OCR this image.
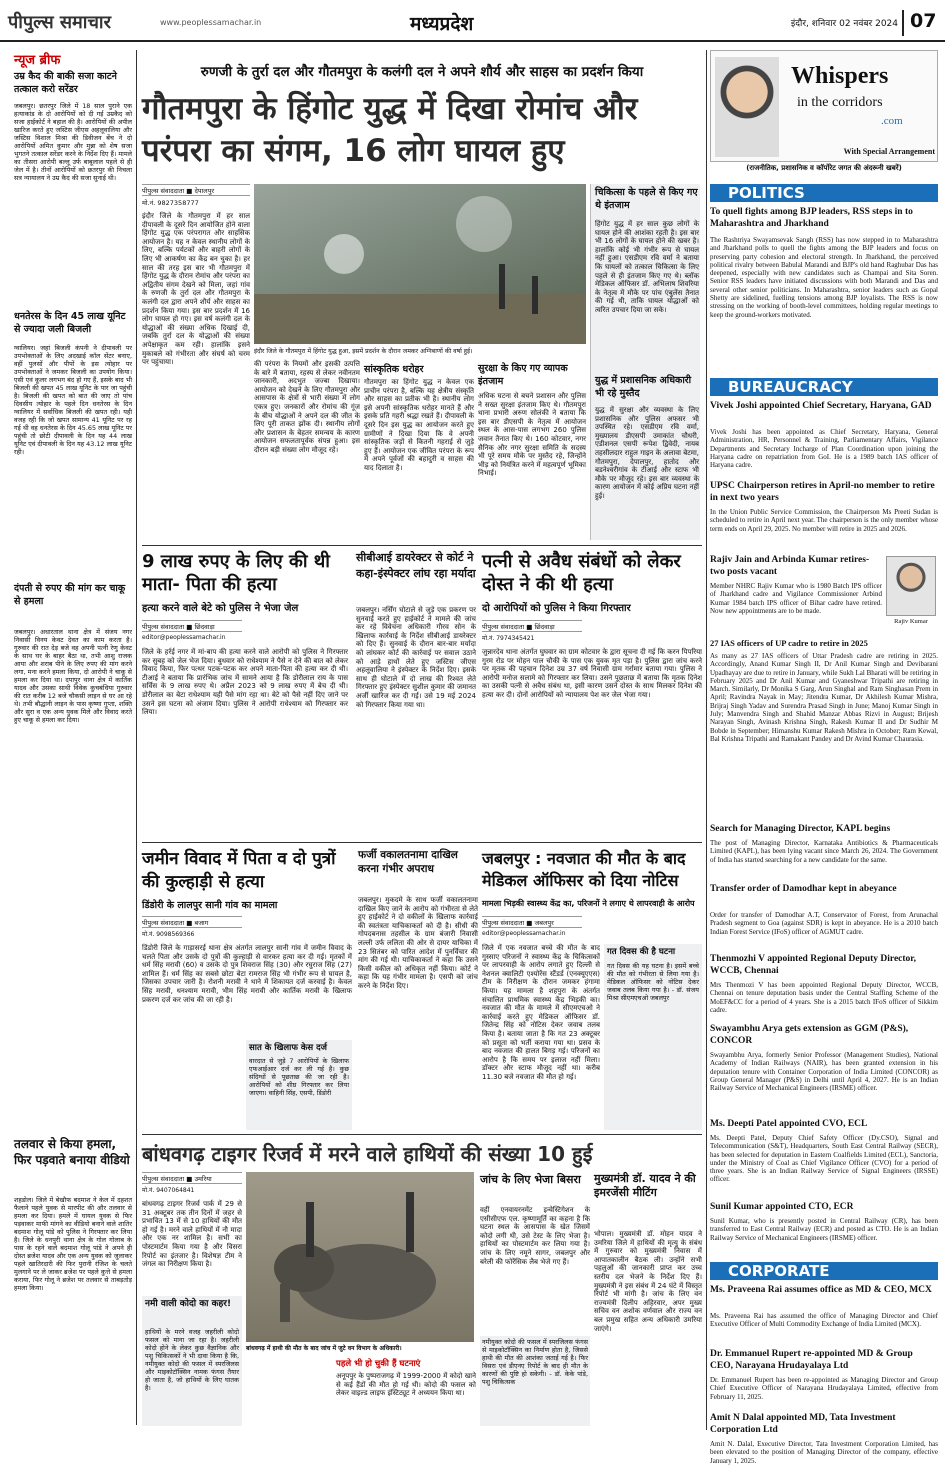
पीपुल्स समाचार	www.peoplessamachar.in	मध्यप्रदेश	इंदौर, शनिवार 02 नवंबर 2024 07
न्यूज ब्रीफ
उम्र कैद की बाकी सजा काटने तत्काल करो सरेंडर
जबलपुर। छतरपुर जिले में 18 साल पुराने एक हत्याकांड के दो आरोपियों को दी गई उम्रकैद को सजा हाईकोर्ट ने बहाल की है। आरोपियों की अपील खारिज करते हुए जस्टिस जीएस अहलूवालिया और जस्टिस विशाल मिश्रा की डिवीजन बेंच ने दो आरोपियों अमित कुमार और मुन्ना को शेष सजा भुगतने तत्काल सरेंडर करने के निर्देश दिए हैं। मामले का तीसरा आरोपी बल्लू उर्फ बाबूलाल पहले से ही जेल में है। तीनों आरोपियों को छतरपुर की निचला सत्र न्यायालय ने उम्र कैद की सजा सुनाई थी।
धनतेरस के दिन 45 लाख यूनिट से ज्यादा जली बिजली
ग्वालियर। जहां बिजली कंपनी ने दीपावली पर उपभोक्ताओं के लिए अदखाई कॉल सेंटर बनाए, वहीं पुलसों और पीपों के इस त्योहार पर उपभोक्ताओं ने जमकर बिजली का उपयोग किया। एसी एवं कूलर लगभग बंद हो गए हैं, इसके बाद भी बिजली की खपत 45 लाख यूनिट के पार जा पहुंची है। बिजली की खपत को बात की जाए तो पांच दिवसीय त्योहार के पहले दिन धनतेरस के दिन ग्वालियर में सर्वाधिक बिजली की खपत रही। यही वजह रही कि जो खपत सामान्य 41 यूनिट पर रह गई थी वह धनतेरस के दिन 45.65 लाख यूनिट पर पहुंची तो छोटी दीपावली के दिन यह 44 लाख यूनिट एवं दीपावली के दिन यह 43.12 लाख यूनिट रही।
दंपती से रुपए की मांग कर चाकू से हमला
जबलपुर। अधारताल थाना क्षेत्र में संजय नगर निवासी विनय केवट देवत का काम करता है। गुरुवार की रात देड़ बजे वह अपनी पत्नी रेणु केवट के साथ घर के बाहर बैठा था, तभी आशु राजक आया और शराब पीने के लिए रुपए की मांग करने लगा, मना करने हमला किया, दो आरोपी ने चाकू से हमला कर दिया था। दपापुर थाना क्षेत्र में कार्तिक यादव और उसका साथी विवेक कुचबंधिया गुरुवार की रात करीब 12 बजे चौकसी लाइन से घर आ रहे थे। तभी बौद्धानी लाइन के पास कृष्णा गुप्ता, शक्ति और सुरा व एक अन्य युवक मिले और विवाद करते हुए चाकू से हमला कर दिया।
तलवार से किया हमला, फिर पड़वाते बनाया वीडियो
शहडोल। जिले में बेखौफ बदमाश ने केल में दहशत फैलाने पहले युवक से मारपीट की और तलवार से हमला कर दिया। हमले में घायल युवक से फिर पड़वाकर माफी मांगने का वीडियो बनाने वाले शातिर बदमाश गोलू पांडे को पुलिस ने गिरफ्तार कर लिया है। जिले के धनपुरी थाना क्षेत्र के गोल गोलाब के पास के रहने वाले बदमाश गोलू पांडे ने अपने ही दोस्त ब्रजेश यादव और एक अन्य युवक को जुलाकर पहले खातिरदारी की फिर पुरानी रंजिश के चलते मुलगाने पर ले जाकर ब्रजेश पर पहले कुत्ते से हमला कराया, फिर गोलू ने ब्रजेश पर तलवार से ताबड़तोड़ हमला किया।
रुणजी के तुर्रा दल और गौतमपुरा के कलंगी दल ने अपने शौर्य और साहस का प्रदर्शन किया
गौतमपुरा के हिंगोट युद्ध में दिखा रोमांच और परंपरा का संगम, 16 लोग घायल हुए
पीपुल्स संवाददाता ■ देपालपुर
मो.नं. 9827358777
इंदौर जिले के गौतमपुरा में हिंगोट युद्ध हुआ, इसमें प्रदर्शन के दौरान जमकर अग्निबाणों की वर्षा हुई।
इंदौर जिले के गौतमपुरा में हर साल दीपावली के दूसरे दिन आयोजित होने वाला हिंगोट युद्ध एक परंपरागत और साहसिक आयोजन है। यह न केवल स्थानीय लोगों के लिए, बल्कि पर्यटकों और बाहरी लोगों के लिए भी आकर्षण का केंद्र बन चुका है। हर साल की तरह इस बार भी गौतमपुरा में हिंगोट युद्ध के दौरान रोमांच और परंपरा का अद्वितीय संगम देखने को मिला, जहां गांव के रुणजी के तुर्रा दल और गौतमपुरा के कलंगी दल द्वारा अपने शौर्य और साहस का प्रदर्शन किया गया। इस बार प्रदर्शन में 16 लोग घायल हो गए। इस वर्ष कलंगी दल के योद्धाओं की संख्या अधिक दिखाई दी, जबकि तुर्रा दल के योद्धाओं की संख्या अपेक्षाकृत कम रही। हालांकि इसने मुकाबले को गंभीरता और संघर्ष को चरम पर पहुंचाया।	की परंपरा के नियमों और इसकी उत्पत्ति के बारे में बताया, रहस्य से लेकर नवीनतम जानकारी, अदभुत जज्बा दिखाया। आयोजन को देखने के लिए गौतमपुरा और आसपास के क्षेत्रों से भारी संख्या में लोग एकत्र हुए। जनकारों और रोमांच की गूंज के बीच योद्धाओं ने अपने दल की जीत के लिए पूरी ताकत झोंक दी। स्थानीय लोगों और प्रशासन के बेहतर समन्वय के कारण आयोजन सफलतापूर्वक संपन्न हुआ। इस दौरान बड़ी संख्या लोग मौजूद रहे।
सांस्कृतिक धरोहर
गौतमपुरा का हिंगोट युद्ध न केवल एक प्राचीन परंपरा है, बल्कि यह क्षेत्रीय संस्कृति और साहस का प्रतीक भी है। स्थानीय लोग इसे अपनी सांस्कृतिक धरोहर मानते हैं और इसके प्रति गहरी श्रद्धा रखते हैं। दीपावली के दूसरे दिन इस युद्ध का आयोजन करते हुए ग्रामीणों ने दिखा दिया कि वे अपनी सांस्कृतिक जड़ों से कितनी गहराई से जुड़े हुए हैं। आयोजन एक जीवित परंपरा के रूप में अपने पूर्वजों की बहादुरी व साहस की याद दिलाता है।
सुरक्षा के किए गए व्यापक इंतजाम
अधिक घटना से बचने प्रशासन और पुलिस ने सख्त सुरक्षा इंतजाम किए थे। गौतमपुरा थाना प्रभारी अरुण सोलंकी ने बताया कि इस बार डीएसपी के नेतृत्व में आयोजन स्थल के आस-पास लगभग 260 पुलिस जवान तैनात किए थे। 160 कोटवार, नगर सैनिक और नगर सुरक्षा समिति के सदस्य भी पूरे समय मौके पर मुस्तैद रहे, जिन्होंने भीड़ को नियंत्रित करने में महत्वपूर्ण भूमिका निभाई।
चिकित्सा के पहले से किए गए थे इंतजाम
हिंगोट युद्ध में हर साल कुछ लोगों के घायल होने की आशंका रहती है। इस बार भी 16 लोगों के घायल होने की खबर है। हालांकि कोई भी गंभीर रूप से घायल नहीं हुआ। एसडीएम रवि वर्मा ने बताया कि घायलों को तत्काल चिकित्सा के लिए पहले से ही इंतजाम किए गए थे। ब्लॉक मेडिकल ऑफिसर डॉ. अभिलाष शिवरिया के नेतृत्व में मौके पर पांच एंबुलेंस तैनात की गई थी, ताकि घायल योद्धाओं को त्वरित उपचार दिया जा सके।
युद्ध में प्रशासनिक अधिकारी भी रहे मुस्तैद
युद्ध में सुरक्षा और व्यवस्था के लिए प्रशासनिक और पुलिस अफसर भी उपस्थित रहे। एसडीएम रवि वर्मा, मुख्यालय डीएसपी उमाकांत चौधरी, एडीशनल एसपी रूपेश द्विवेदी, नायब तहसीलदार राहुल गाइन के अलावा बेटमा, गौतमपुरा, देपालपुर, हातोद और बडनेश्वरीगांव के टीआई और स्टाफ भी मौके पर मौजूद रहे। इस बार व्यवस्था के कारण आयोजन में कोई अप्रिय घटना नहीं हुई।
9 लाख रुपए के लिए की थी माता- पिता की हत्या
हत्या करने वाले बेटे को पुलिस ने भेजा जेल
पीपुल्स संवाददाता ■ छिंदवाड़ा
editor@peoplessamachar.in
जिले के हर्रई नगर में मां-बाप की हत्या करने वाले आरोपी को पुलिस ने गिरफ्तार कर सुबह को जेल भेज दिया। बुधवार को राधेश्याम ने पैसे न देने की बात को लेकर विवाद किया, फिर पत्थर पटक-पटक कर अपने माता-पिता की हत्या कर दी थी। टीआई ने बताया कि प्रारंभिक जांच में सामने आया है कि डोरीलाल राय के पास सर्विस के 9 लाख रुपए थे। अप्रैल 2023 को 9 लाख रुपए में बेच दी थी। डोरीलाल का बेटा राधेश्याम यही पैसे मांग रहा था। बेटे को पैसे नहीं दिए जाने पर उसने इस घटना को अंजाम दिया। पुलिस ने आरोपी राधेश्याम को गिरफ्तार कर लिया।
सीबीआई डायरेक्टर से कोर्ट ने कहा-इंस्पेक्टर लांघ रहा मर्यादा
जबलपुर। नर्सिंग घोटाले से जुड़े एक प्रकरण पर सुनवाई करते हुए हाईकोर्ट ने मामले की जांच कर रहे विवेचना अधिकारी गौरव सोन के खिलाफ कार्रवाई के निर्देश सीबीआई डायरेक्टर को दिए हैं। सुनवाई के दौरान बार-बार मर्यादा को लांघकर कोर्ट की कार्रवाई पर सवाल उठाने को आड़े हाथों लेते हुए जस्टिस जीएस अहलूवालिया ने इंस्पेक्टर के निर्देश दिए। इसके साथ ही घोटाले में दो लाख की रिश्वत लेते गिरफ्तार हुए इंस्पेक्टर सुशील कुमार की जमानत अर्जी खारिज कर दी गई। उसे 19 मई 2024 को गिरफ्तार किया गया था।
पत्नी से अवैध संबंधों को लेकर दोस्त ने की थी हत्या
दो आरोपियों को पुलिस ने किया गिरफ्तार
पीपुल्स संवाददाता ■ छिंदवाड़ा
मो.नं. 7974345421
जुन्नारदेव थाना अंतर्गत घुघवार का ग्राम कोटवार के द्वारा सूचना दी गई कि करन पिपरिया गुरम रोड पर मोहन पाल चौकी के पास एक युवक मृत पड़ा है। पुलिस द्वारा जांच करने पर मृतक की पहचान दिनेश उम्र 37 वर्ष निवासी ग्राम गर्रामार बताया गया। पुलिस ने आरोपी मनोज सलामे को गिरफ्तार कर लिया। उसने पूछताछ में बताया कि मृतक दिनेश का उसकी पत्नी से अवैध संबंध था, इसी कारण उसने दोस्त के साथ मिलकर दिनेश की हत्या कर दी। दोनों आरोपियों को न्यायालय पेश कर जेल भेजा गया।
जमीन विवाद में पिता व दो पुत्रों की कुल्हाड़ी से हत्या
डिंडोरी के लालपुर सानी गांव का मामला
पीपुल्स संवाददाता ■ बजाग
मो.नं. 9098569366
डिंडोरी जिले के गाड़ासरई थाना क्षेत्र अंतर्गत लालपुर सानी गांव में जमीन विवाद के चलते पिता और उसके दो पुत्रों की कुल्हाड़ी से वारकर हत्या कर दी गई। मृतकों में धर्म सिंह मरावी (60) व उसके दो पुत्र शिवराज सिंह (30) और रघुराज सिंह (27) शामिल हैं। धर्म सिंह का सबसे छोटा बेटा रामराज सिंह भी गंभीर रूप से घायल है, जिसका उपचार जारी है। रोशनी मरावी ने थाने में शिकायत दर्ज करवाई है। केवल सिंह मरावी, धनश्याम मरावी, भीम सिंह मरावी और कार्तिक मरावी के खिलाफ प्रकरण दर्ज कर जांच की जा रही है।
सात के खिलाफ केस दर्ज
वारदात से जुड़े 7 आरोपियों के खिलाफ एफआईआर दर्ज कर ली गई है। कुछ संदिग्धों से पूछताछ की जा रही है। आरोपियों को शीघ्र गिरफ्तार कर लिया जाएगा। वाहिनी सिंह, एसपी, डिंडोरी
फर्जी वकालतनामा दाखिल करना गंभीर अपराध
जबलपुर। मुकदमे के साथ फर्जी वकालतनामा दाखिल किए जाने के आरोप को गंभीरता से लेते हुए हाईकोर्ट ने दो वकीलों के खिलाफ कार्रवाई की स्वतंत्रता याचिकाकर्ता को दी है। सीधी की गोपदबनास तहसील के ग्राम बंजारी निवासी लल्ली उर्फ ललिता की ओर से दायर याचिका में 23 सितंबर को पारित आदेश में पुनर्विचार की मांग की गई थी। याचिकाकर्ता ने कहा कि उसने किसी वकील को अधिकृत नहीं किया। कोर्ट ने कहा कि यह गंभीर मामला है। एसपी को जांच करने के निर्देश दिए।
जबलपुर : नवजात की मौत के बाद मेडिकल ऑफिसर को दिया नोटिस
मामला भिड़की स्वास्थ्य केंद्र का, परिजनों ने लगाए थे लापरवाही के आरोप
पीपुल्स संवाददाता ■ जबलपुर
editor@peoplessamachar.in
जिले में एक नवजात बच्चे की मौत के बाद गुस्साए परिजनों ने स्वास्थ्य केंद्र के चिकित्सकों पर लापरवाही के आरोप लगाते हुए दिल्ली से नेशनल क्वालिटी एश्योरेंस स्टैंडर्ड (एनक्यूएएस) टीम के निरीक्षण के दौरान जमकर हंगामा किया। यह मामला है शहपुरा के अंतर्गत संचालित प्राथमिक स्वास्थ्य केंद्र भिड़की का। नवजात की मौत के मामले में सीएमएचओ ने कार्रवाई करते हुए मेडिकल ऑफिसर डॉ. जितेन्द्र सिंह को नोटिस देकर जवाब तलब किया है। बताया जाता है कि गत 23 अक्टूबर को प्रसूता को भर्ती कराया गया था। प्रसव के बाद नवजात की हालत बिगड़ गई। परिजनों का आरोप है कि समय पर इलाज नहीं मिला। डॉक्टर और स्टाफ मौजूद नहीं था। करीब 11.30 बजे नवजात की मौत हो गई।
गत दिवस की है घटना
गत दिवस की यह घटना है। इसमें बच्चे की मौत को गंभीरता से लिया गया है। मेडिकल ऑफिसर को नोटिस देकर जवाब तलब किया गया है। - डॉ. संजय मिश्रा सीएमएचओ जबलपुर
बांधवगढ़ टाइगर रिजर्व में मरने वाले हाथियों की संख्या 10 हुई
पीपुल्स संवाददाता ■ उमरिया
मो.नं. 9407064841
बांधवगढ़ टाइगर रिजर्व पार्क में 29 से 31 अक्टूबर तक तीन दिनों में जहर से प्रभावित 13 में से 10 हाथियों की मौत हो गई है। मरने वाले हाथियों में नौ मादा और एक नर शामिल है। सभी का पोस्टमार्टम किया गया है और विसरा रिपोर्ट का इंतजार है। विशेषज्ञ टीम ने जंगल का निरीक्षण किया है।
नमी वाली कोदो का कहर!
हाथियों के मरने वजह जहरीली कोदो फसल को माना जा रहा है। जहरीली कोदो होने के लेकर कुछ वैज्ञानिक और पशु चिकित्सकों ने भी दावा किया है कि, नमीयुक्त कोदो की फसल में स्परजिलस और माइकोटॉक्सिन नामक फंगस तैयार हो जाता है, जो हाथियों के लिए घातक है।
बांधवगढ़ में हाथी की मौत के बाद जांच में जुटे वन विभाग के अधिकारी।
पहले भी हो चुकी हैं घटनाएं
अनूपपुर के पुष्पराजगढ़ में 1999-2000 में कोदो खाने से कई हैंडों की मौत हो गई थी। कोदो की फसल को लेकर वाइल्ड लाइफ इंस्टिट्यूट ने अध्ययन किया था।
जांच के लिए भेजा बिसरा
वहीं एनवायरनमेंट इन्वेस्टिगेशन के एसीसीएफ एल. कृष्णामूर्ति का कहना है कि घटना स्थल के आसपास के खेत जिसमें कोदो लगी थी, उसे टेस्ट के लिए भेजा है। हाथियों का पोस्टमार्टम कर लिया गया है। जांच के लिए नमूने सागर, जबलपुर और बरेली की फोरेंसिक लैब भेजे गए हैं।
नमीयुक्त कोदो की फसल में स्परजिलस फंगस से माइकोटॉक्सिन का निर्माण होता है, जिससे हाथी की मौत की आशंका जताई गई है। फिर विसरा एवं डीएनए रिपोर्ट के बाद ही मौत के कारणों की पुष्टि हो सकेगी। - डॉ. केके पांडे, पशु चिकित्सक
मुख्यमंत्री डॉ. यादव ने की इमरजेंसी मीटिंग
भोपाल। मुख्यमंत्री डॉ. मोहन यादव ने उमरिया जिले में हाथियों की मृत्यु के संबंध में गुरुवार को मुख्यमंत्री निवास में आपातकालीन बैठक ली। उन्होंने सभी पहलुओं की जानकारी प्राप्त कर उच्च स्तरीय दल भेजने के निर्देश दिए हैं। मुख्यमंत्री ने इस संबंध में 24 घंटे में विस्तृत रिपोर्ट भी मांगी है। जांच के लिए वन राज्यमंत्री दिलीप अहिरवार, अपर मुख्य सचिव वन अशोक वर्णवाल और राज्य वन बल प्रमुख सहित अन्य अधिकारी उमरिया जाएंगे।
Whispers
in the corridors
.com
With Special Arrangement
(राजनीतिक, प्रशासनिक व कॉर्पोरेट जगत की अंदरूनी खबरें)
POLITICS
To quell fights among BJP leaders, RSS steps in to Maharashtra and Jharkhand
The Rashtriya Swayamsevak Sangh (RSS) has now stepped in to Maharashtra and Jharkhand polls to quell the fights among the BJP leaders and focus on preserving party cohesion and electoral strength. In Jharkhand, the perceived political rivalry between Babulal Marandi and BJP's old hand Raghubar Das has deepened, especially with new candidates such as Champai and Sita Soren. Senior RSS leaders have initiated discussions with both Marandi and Das and several other senior politicians. In Maharashtra, senior leaders such as Gopal Shetty are sidelined, fuelling tensions among BJP loyalists. The RSS is now stressing on the working of booth-level committees, holding regular meetings to keep the ground-workers motivated.
BUREAUCRACY
Vivek Joshi appointed Chief Secretary, Haryana, GAD
Vivek Joshi has been appointed as Chief Secretary, Haryana, General Administration, HR, Personnel & Training, Parliamentary Affairs, Vigilance Departments and Secretary Incharge of Plan Coordination upon joining the Haryana cadre on repatriation from GoI. He is a 1989 batch IAS officer of Haryana cadre.
UPSC Chairperson retires in April-no member to retire in next two years
In the Union Public Service Commission, the Chairperson Ms Preeti Sudan is scheduled to retire in April next year. The chairperson is the only member whose term ends on April 29, 2025. No member will retire in 2025 and 2026.
Rajiv Jain and Arbinda Kumar retires-two posts vacant
Member NHRC Rajiv Kumar who is 1980 Batch IPS officer of Jharkhand cadre and Vigilance Commissioner Arbind Kumar 1984 batch IPS officer of Bihar cadre have retired. Now new appointments are to be made.
Rajiv Kumar
27 IAS officers of UP cadre to retire in 2025
As many as 27 IAS officers of Uttar Pradesh cadre are retiring in 2025. Accordingly, Anand Kumar Singh II, Dr Anil Kumar Singh and Devibarani Upadhayay are due to retire in January, while Sukh Lal Bharati will be retiring in February 2025 and Dr Anil Kumar and Gyaneshwar Tripathi are retiring in March. Similarly, Dr Monika S Garg, Arun Singhal and Ram Singhasan Prem in April; Ravindra Nayak in May; Jitendra Kumar, Dr Akhilesh Kumar Mishra, Brijraj Singh Yadav and Surendra Prasad Singh in June; Manoj Kumar Singh in July; Manvendra Singh and Shahid Manzar Abbas Rizvi in August; Brijesh Narayan Singh, Avinash Krishna Singh, Rakesh Kumar II and Dr Sudhir M Bobde in September; Himanshu Kumar Rakesh Mishra in October; Ram Kewal, Bal Krishna Tripathi and Ramakant Pandey and Dr Avind Kumar Chaurasia.
Search for Managing Director, KAPL begins
The post of Managing Director, Karnataka Antibiotics & Pharmaceuticals Limited (KAPL), has been lying vacant since March 26, 2024. The Government of India has started searching for a new candidate for the same.
Transfer order of Damodhar kept in abeyance
Order for transfer of Damodhar A.T, Conservator of Forest, from Arunachal Pradesh segment to Goa (against SDR) is kept in abeyance. He is a 2010 batch Indian Forest Service (IFoS) officer of AGMUT cadre.
Thenmozhi V appointed Regional Deputy Director, WCCB, Chennai
Mrs Thenmozi V has been appointed Regional Deputy Director, WCCB, Chennai on tenure deputation basis under the Central Staffing Scheme of the MoEF&CC for a period of 4 years. She is a 2015 batch IFoS officer of Sikkim cadre.
Swayambhu Arya gets extension as GGM (P&S), CONCOR
Swayambhu Arya, formerly Senior Professor (Management Studies), National Academy of Indian Railways (NAIR), has been granted extension in his deputation tenure with Container Corporation of India Limited (CONCOR) as Group General Manager (P&S) in Delhi until April 4, 2027. He is an Indian Railway Service of Mechanical Engineers (IRSME) officer.
Ms. Deepti Patel appointed CVO, ECL
Ms. Deepti Patel, Deputy Chief Safety Officer (Dy.CSO), Signal and Telecommunication (S&T), Headquarters, South East Central Railway (SECR), has been selected for deputation in Eastern Coalfields Limited (ECL), Sanctoria, under the Ministry of Coal as Chief Vigilance Officer (CVO) for a period of three years. She is an Indian Railway Service of Signal Engineers (IRSSE) officer.
Sunil Kumar appointed CTO, ECR
Sunil Kumar, who is presently posted in Central Railway (CR), has been transferred to East Central Railway (ECR) and posted as CTO. He is an Indian Railway Service of Mechanical Engineers (IRSME) officer.
CORPORATE
Ms. Praveena Rai assumes office as MD & CEO, MCX
Ms. Praveena Rai has assumed the office of Managing Director and Chief Executive Officer of Multi Commodity Exchange of India Limited (MCX).
Dr. Emmanuel Rupert re-appointed MD & Group CEO, Narayana Hrudayalaya Ltd
Dr. Emmanuel Rupert has been re-appointed as Managing Director and Group Chief Executive Officer of Narayana Hrudayalaya Limited, effective from February 11, 2025.
Amit N Dalal appointed MD, Tata Investment Corporation Ltd
Amit N. Dalal, Executive Director, Tata Investment Corporation Limited, has been elevated to the position of Managing Director of the company, effective January 1, 2025.
